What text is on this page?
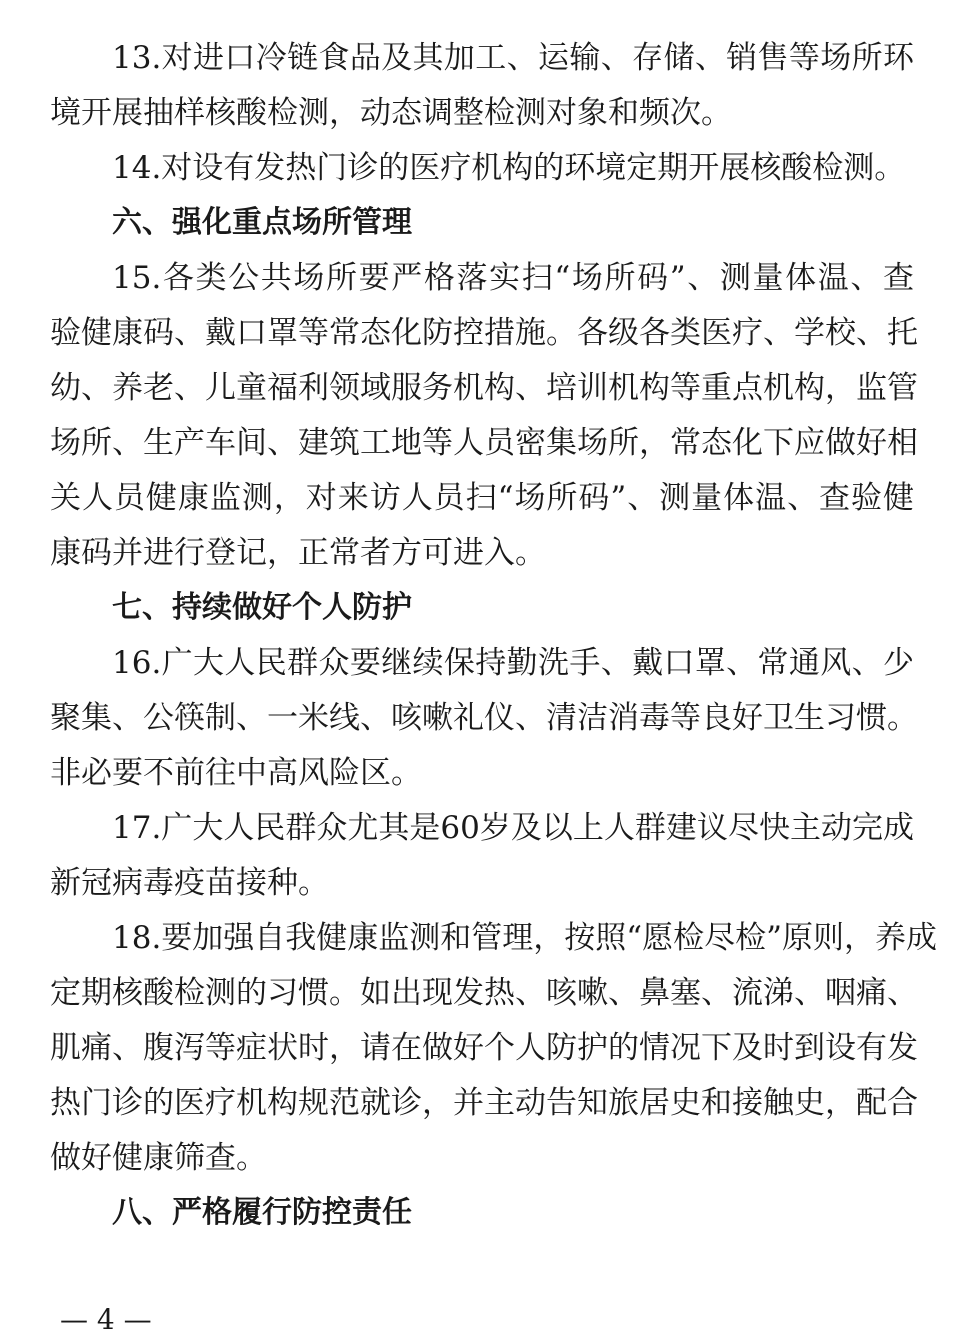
13.对进口冷链食品及其加工、运输、存储、销售等场所环
境开展抽样核酸检测，动态调整检测对象和频次。
14.对设有发热门诊的医疗机构的环境定期开展核酸检测。
六、强化重点场所管理
15.各类公共场所要严格落实扫“场所码”、测量体温、查
验健康码、戴口罩等常态化防控措施。各级各类医疗、学校、托
幼、养老、儿童福利领域服务机构、培训机构等重点机构，监管
场所、生产车间、建筑工地等人员密集场所，常态化下应做好相
关人员健康监测，对来访人员扫“场所码”、测量体温、查验健
康码并进行登记，正常者方可进入。
七、持续做好个人防护
16.广大人民群众要继续保持勤洗手、戴口罩、常通风、少
聚集、公筷制、一米线、咳嗽礼仪、清洁消毒等良好卫生习惯。
非必要不前往中高风险区。
17.广大人民群众尤其是60岁及以上人群建议尽快主动完成
新冠病毒疫苗接种。
18.要加强自我健康监测和管理，按照“愿检尽检”原则，养成
定期核酸检测的习惯。如出现发热、咳嗽、鼻塞、流涕、咽痛、
肌痛、腹泻等症状时，请在做好个人防护的情况下及时到设有发
热门诊的医疗机构规范就诊，并主动告知旅居史和接触史，配合
做好健康筛查。
八、严格履行防控责任
— 4 —
